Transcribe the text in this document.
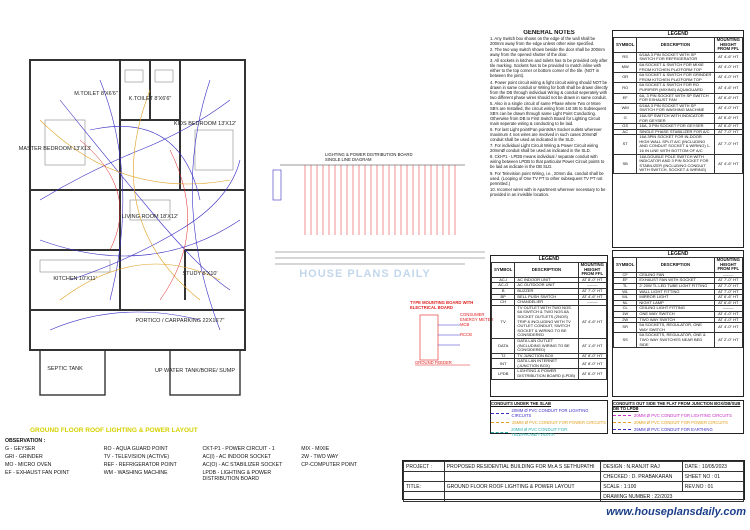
M.TOILET 8'X6'6"
K.TOILET 8'X6'6"
KIDS BEDROOM 13'X12'
MASTER BEDROOM 13'X13'
LIVING ROOM 18'X12'
KITCHEN 10'X11'
STUDY 8'X10'
PORTICO / CARPARKING 22X16'7"
SEPTIC TANK	UP WATER TANK/BORE/ SUMP
GROUND FLOOR ROOF LIGHTING & POWER LAYOUT
LIGHTING & POWER DISTRIBUTION BOARD
SINGLE LINE DIAGRAM
TYPE MOUNTING BOARD WITH ELECTRICAL BOARD
CONSUMER ENERGY METER
MCB
RCCB
GROUND FEEDER
HOUSE PLANS DAILY
GENERAL NOTES

1. Any Switch box shown on the edge of the wall shall be 200mm away from the edge unless other wise specified.

2. The two way switch shown beside the door shall be 200mm away from the opened shutter of the door.

3. All sockets in kitchen and toilets has to be provided only after tile marking. Sockets has to be provided to match inline with either to the top corner or bottom corner of the tile. (NOT in between the joint).

4. Power point circuit wiring & light circuit wiring should NOT be drawn in same conduit or Wiring for both shall be drawn directly from the DB through individual Wiring & conduit seperately with two different phase wires should not be drawn in same conduit.

5. Also in a single circuit of same Phase where Two or More SB's are Installed, the circuit wiring from 1st SB to Subsequent SB's can be drawn through same Light Point Conducting. Otherwise from DB to First Switch Board for Lighting Circuit main seperate wiring & conducting to be laid.

6. For last Light point/Fan points/6A Socket outlets wherever maximum 4 nos wires are involved in such cases 20mmØ conduit shall be used as indicated in the SLD.

7. For individual Light Circuit Wiring & Power Circuit wiring 20mmØ conduit shall be used as indicated in the SLD.

8. Ckt-P1 - LPDB means individual / separate conduit with wiring between LPDB to that particular Power Circuit points to be laid as indicate in the DB SLD.

9. For Television point Wiring, i.e., 20mm dia. conduit shall be used. (Looping of One TV PT to other subsequent TV PT not permitted.)

10. Incomer wires with in Apartment wherever necessary to be provided in an invisible location.

LEGEND
SYMBOL	DESCRIPTION	MOUNTING HEIGHT FROM FFL
RS	6/16A 3 PIN SOCKET WITH SP SWITCH FOR REFRIGERATOR	AT 4'-6" HT
MW	6A SOCKET & SWITCH FOR MIXIE FROM KITCHEN PLATFORM TOP	AT 4'-0" HT
GR	6A SOCKET & SWITCH FOR GRINDER FROM KITCHEN PLATFORM TOP	AT 4'-0" HT
RO	6A SOCKET & SWITCH FOR RO PURIFIER (MIXING) AQUAGUARD	AT 4'-6" HT
EF	6A, 3 PIN SOCKET WITH SP SWITCH FOR EXHAUST FAN	AT 6'-6" HT
WM	6/16A 3 PIN SOCKET WITH SP SWITCH FOR WASHING MACHINE	AT 4'-0" HT
G	16A SP SWITCH WITH INDICATOR FOR GEYSER	AT 6'-6" HT
GS	16A, 3 PIN SOCKET FOR GEYSER	AT 6'-6" HT
AC	SINGLE PHASE STABILIZER FOR A/C	AT 7'-0" HT
ST	16A 3PIN SOCKET FOR IN-DOOR HIGH WALL SPLIT A/C (INCLUDING AND CONDUIT SOCKET & WIRING) 1-16 IN LINE WITH BOTTOM OF A/C	AT 7'-0" HT
SB	16A DOUBLE POLE SWITCH WITH INDICATOR AND 3 PIN SOCKET FOR STABILIZER (INCLUDING CONDUIT WITH SWITCH, SOCKET & WIRING)	AT 4'-6" HT
LEGEND
SYMBOL	DESCRIPTION	MOUNTING HEIGHT FROM FFL
AC-I	AC INDOOR UNIT	AT 8'-0" HT
AC-O	AC OUTDOOR UNIT	--------
B	BUZZER	AT 7'-0" HT
BP	BELL PUSH SWITCH	AT 4'-6" HT
CH	CHANDELIER	--------
TV	TV OUTLET WITH TWO NOS. 6A SWITCH & TWO NOS.6A SOCKET OUTLETS (2NOS) TRIP & INCLUDING WITH TV OUTLET CONDUIT, SWITCH SOCKET & WIRING TO BE CONSIDERED	AT 4'-6" HT
DATA	DATA LAN OUTLET (INCLUDING WIRING TO BE CONSIDERED)	AT 1'-6" HT
TJ	TV JUNCTION BOX	AT 8'-0" HT
INT	DATA LAN INTERNET (JUNCTION BOX)	AT 8'-0" HT
LPDB	LIGHTING & POWER DISTRIBUTION BOARD (LPDB)	AT 6'-0" HT
LEGEND
SYMBOL	DESCRIPTION	MOUNTING HEIGHT FROM FFL
CF	CEILING FAN	--------
EF	EXHAUST FAN WITH SOCKET	AT 7'-0" HT
TL	2' 20W TL LED TUBE LIGHT FITTING	AT 7'-0" HT
WL	WALL LIGHT FITTING	AT 7'-0" HT
ML	MIRROR LIGHT	AT 6'-6" HT
NL	NIGHT LAMP	AT 6'-6" HT
CL	CEILING LIGHT FITTING	--------
1W	ONE WAY SWITCH	AT 4'-0" HT
2W	TWO WAY SWITCH	AT 4'-0" HT
SR	5A SOCKETS, REGULATOR, ONE WAY SWITCH	AT 4'-0" HT
SS	5A SOCKETS, REGULATOR, ONE & TWO WAY SWITCHES NEAR BED SIDE	AT 2'-0" HT
CONDUITS UNDER THE SLAB
20MM Ø PVC CONDUIT FOR LIGHTING CIRCUITS
25MM Ø PVC CONDUIT FOR POWER CIRCUITS
20MM Ø PVC CONDUIT FOR TELEPHONE/TV/DATA
CONDUITS OUT SIDE THE FLAT FROM JUNCTION BOX/DB/SUB DB TO LPDB
20MM Ø PVC CONDUIT FOR LIGHTING CIRCUITS
20MM Ø PVC CONDUIT FOR POWER CIRCUITS
25MM Ø PVC CONDUIT FOR EARTHING
OBSERVATION :
G - GEYSER
GRI - GRINDER
MO - MICRO OVEN
EF - EXHAUST FAN POINT
RO - AQUA GUARD POINT
TV - TELEVISION (ACTIVE)
REF - REFRIGERATOR POINT
WM - WASHING MACHINE
CKT-P1 - POWER CIRCUIT - 1
AC(I) - AC INDOOR SOCKET
AC(O) - AC STABILIZER SOCKET
LPDB - LIGHTING & POWER DISTRIBUTION BOARD
MIX - MIXIE
2W - TWO WAY
CP-COMPUTER POINT	PROJECT :	PROPOSED RESIDENTIAL BUILDING FOR Mr.A S SETHUPATHI	DESIGN : N.RANJIT RAJ	DATE : 10/05/2023
		CHECKED : D. PRABAKARAN	SHEET NO : 01
TITLE:	GROUND FLOOR ROOF LIGHTING & POWER LAYOUT	SCALE : 1:100	REV.NO : 01
		DRAWING NUMBER : 22/2023	
www.houseplansdaily.com
